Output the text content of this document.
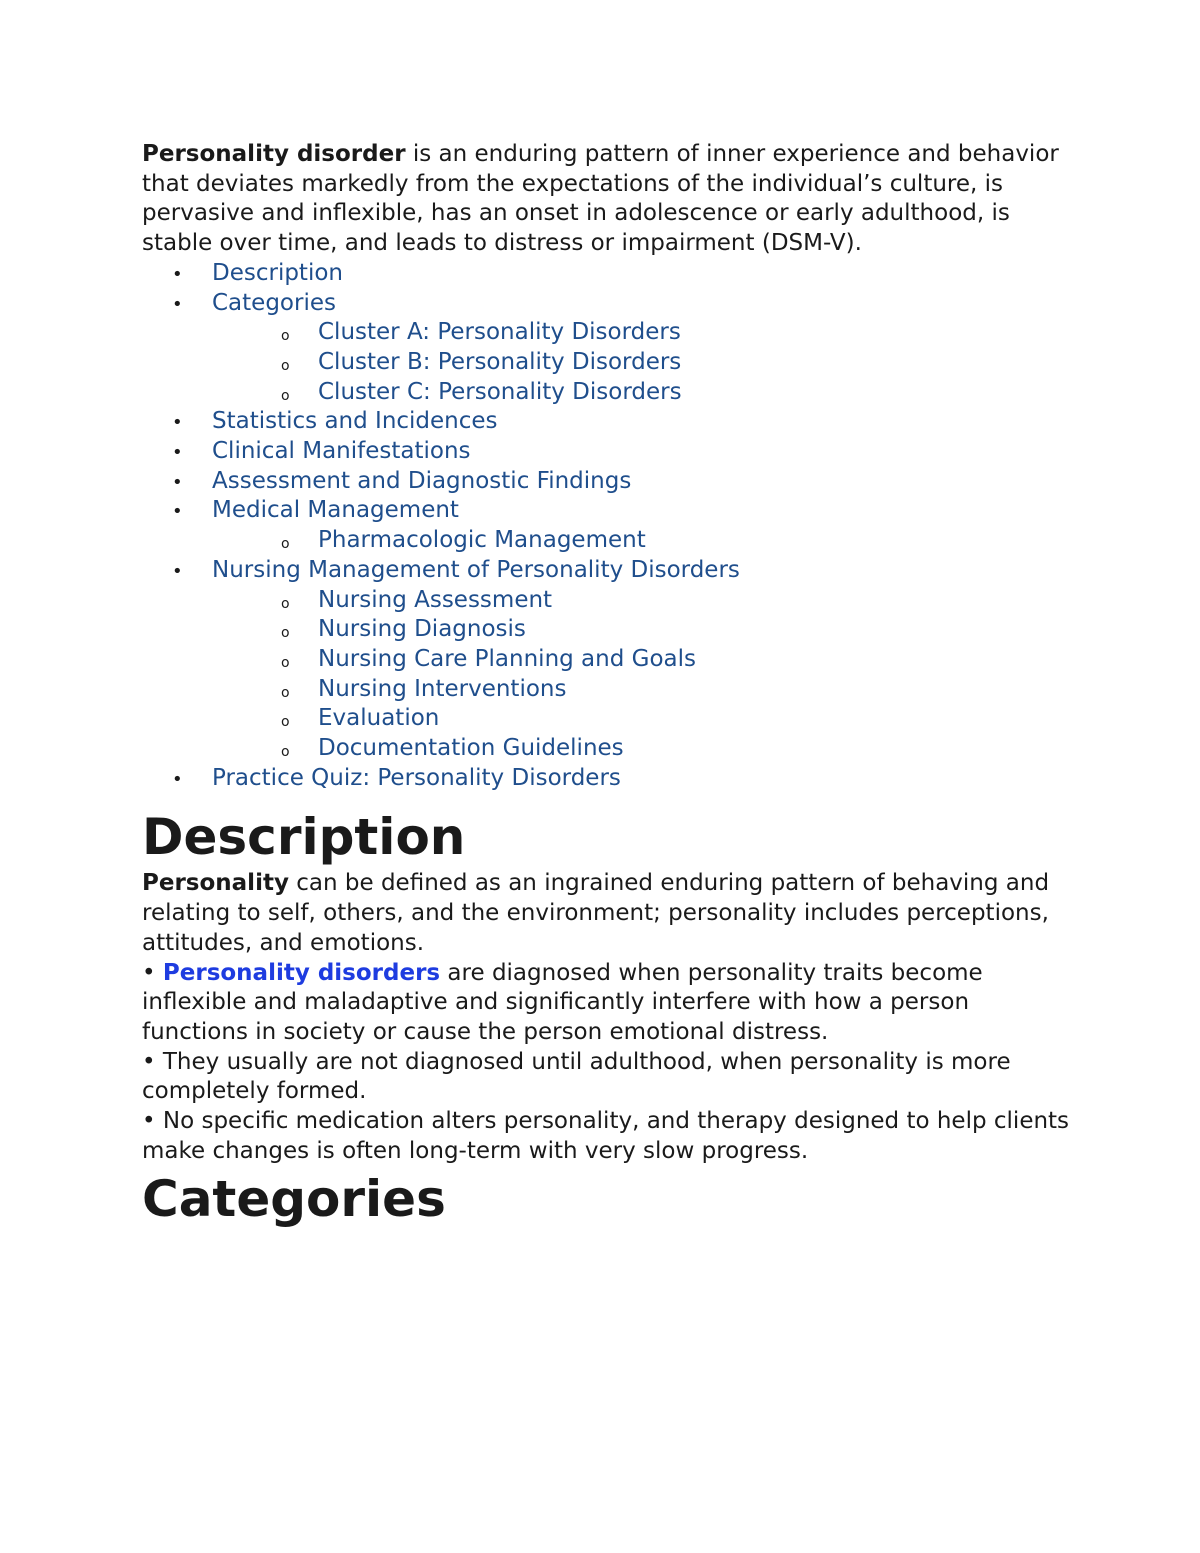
Personality disorder is an enduring pattern of inner experience and behavior that deviates markedly from the expectations of the individual’s culture, is pervasive and inflexible, has an onset in adolescence or early adulthood, is stable over time, and leads to distress or impairment (DSM-V).

• Description
• Categories
o Cluster A: Personality Disorders
o Cluster B: Personality Disorders
o Cluster C: Personality Disorders
• Statistics and Incidences
• Clinical Manifestations
• Assessment and Diagnostic Findings
• Medical Management
o Pharmacologic Management
• Nursing Management of Personality Disorders
o Nursing Assessment
o Nursing Diagnosis
o Nursing Care Planning and Goals
o Nursing Interventions
o Evaluation
o Documentation Guidelines
• Practice Quiz: Personality Disorders
Description

Personality can be defined as an ingrained enduring pattern of behaving and relating to self, others, and the environment; personality includes perceptions, attitudes, and emotions.

• Personality disorders are diagnosed when personality traits become inflexible and maladaptive and significantly interfere with how a person functions in society or cause the person emotional distress.

• They usually are not diagnosed until adulthood, when personality is more completely formed.

• No specific medication alters personality, and therapy designed to help clients make changes is often long-term with very slow progress.

Categories
